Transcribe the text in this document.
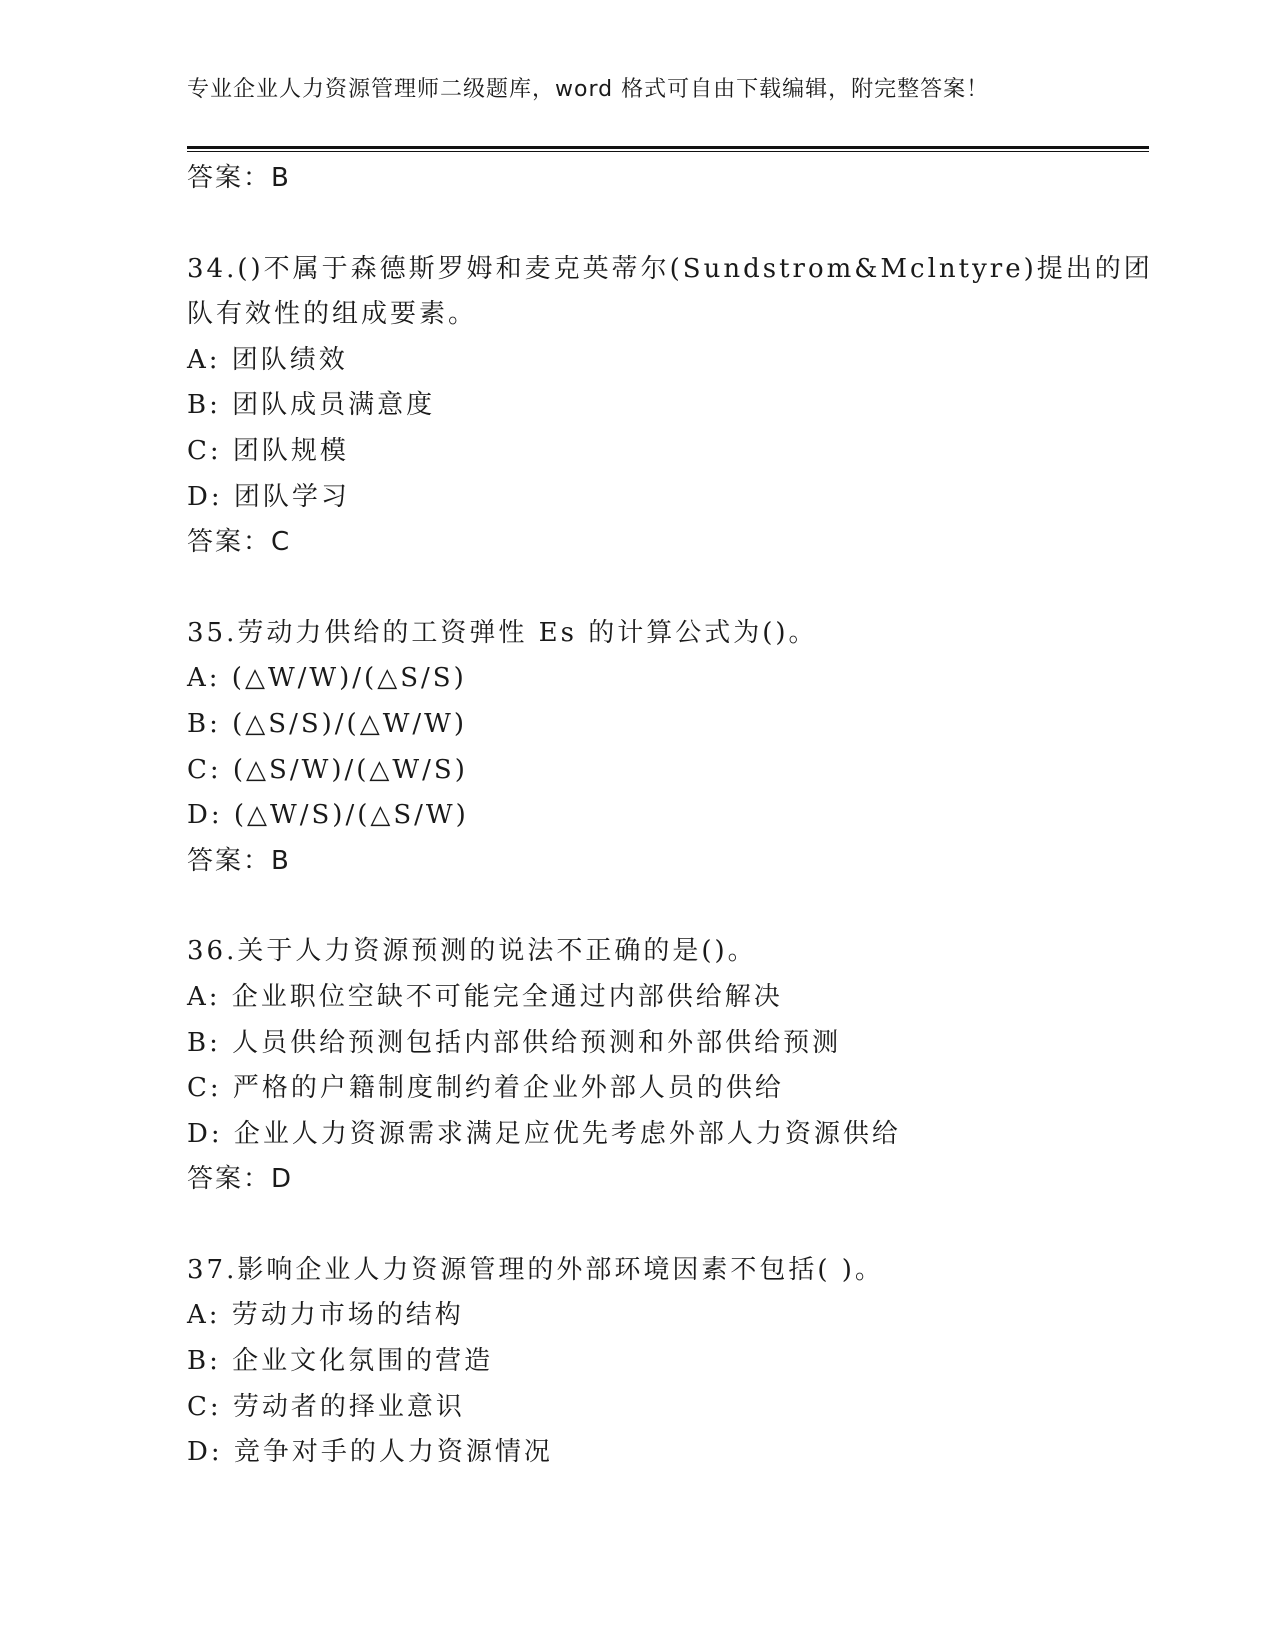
专业企业人力资源管理师二级题库，word 格式可自由下载编辑，附完整答案！
答案：B
34.()不属于森德斯罗姆和麦克英蒂尔(Sundstrom&Mclntyre)提出的团
队有效性的组成要素。
A: 团队绩效
B: 团队成员满意度
C: 团队规模
D: 团队学习
答案：C
35.劳动力供给的工资弹性 Es 的计算公式为()。
A: (△W/W)/(△S/S)
B: (△S/S)/(△W/W)
C: (△S/W)/(△W/S)
D: (△W/S)/(△S/W)
答案：B
36.关于人力资源预测的说法不正确的是()。
A: 企业职位空缺不可能完全通过内部供给解决
B: 人员供给预测包括内部供给预测和外部供给预测
C: 严格的户籍制度制约着企业外部人员的供给
D: 企业人力资源需求满足应优先考虑外部人力资源供给
答案：D
37.影响企业人力资源管理的外部环境因素不包括( )。
A: 劳动力市场的结构
B: 企业文化氛围的营造
C: 劳动者的择业意识
D: 竞争对手的人力资源情况
